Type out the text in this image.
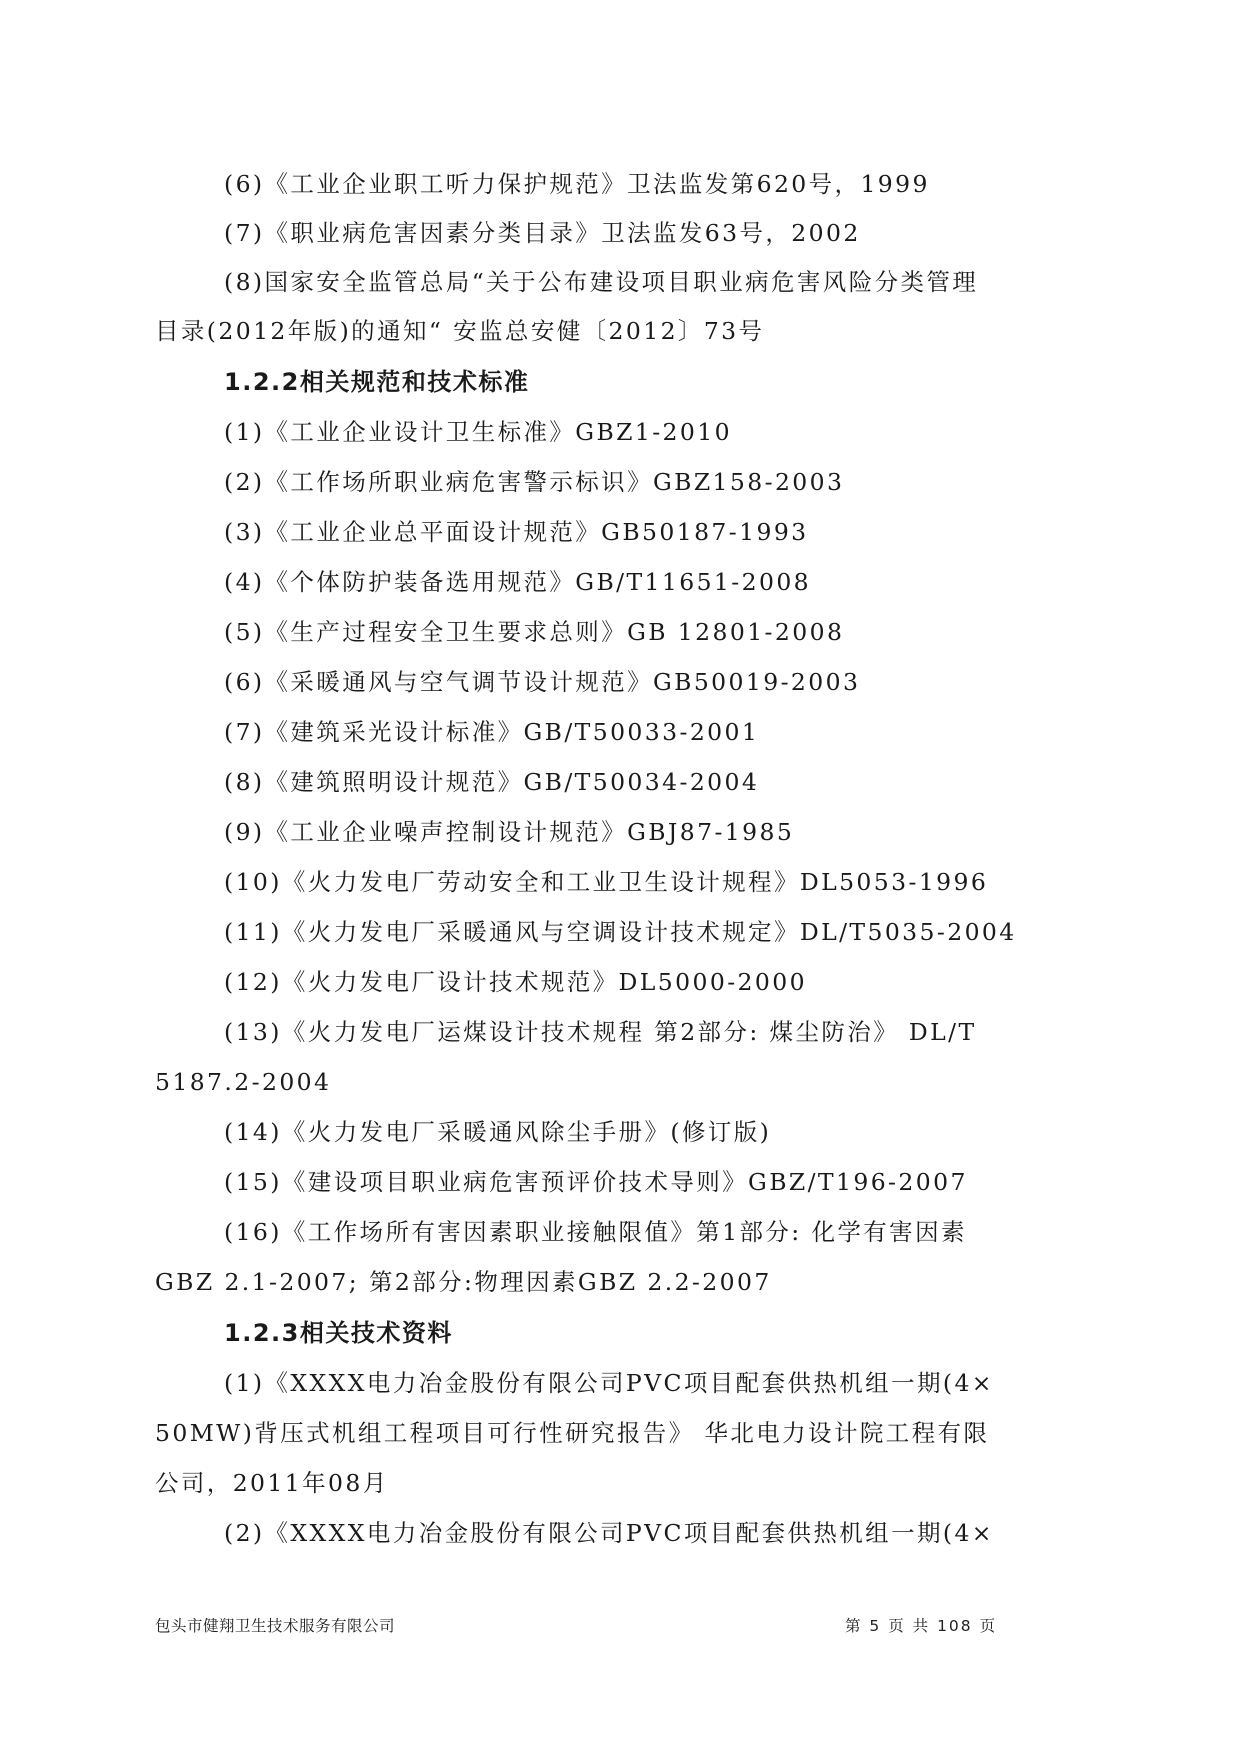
(6)《工业企业职工听力保护规范》卫法监发第620号，1999
(7)《职业病危害因素分类目录》卫法监发63号，2002
(8)国家安全监管总局“关于公布建设项目职业病危害风险分类管理
目录(2012年版)的通知“ 安监总安健〔2012〕73号
1.2.2相关规范和技术标准
(1)《工业企业设计卫生标准》GBZ1-2010
(2)《工作场所职业病危害警示标识》GBZ158-2003
(3)《工业企业总平面设计规范》GB50187-1993
(4)《个体防护装备选用规范》GB/T11651-2008
(5)《生产过程安全卫生要求总则》GB 12801-2008
(6)《采暖通风与空气调节设计规范》GB50019-2003
(7)《建筑采光设计标准》GB/T50033-2001
(8)《建筑照明设计规范》GB/T50034-2004
(9)《工业企业噪声控制设计规范》GBJ87-1985
(10)《火力发电厂劳动安全和工业卫生设计规程》DL5053-1996
(11)《火力发电厂采暖通风与空调设计技术规定》DL/T5035-2004
(12)《火力发电厂设计技术规范》DL5000-2000
(13)《火力发电厂运煤设计技术规程 第2部分: 煤尘防治》 DL/T
5187.2-2004
(14)《火力发电厂采暖通风除尘手册》(修订版)
(15)《建设项目职业病危害预评价技术导则》GBZ/T196-2007
(16)《工作场所有害因素职业接触限值》第1部分: 化学有害因素
GBZ 2.1-2007; 第2部分:物理因素GBZ 2.2-2007
1.2.3相关技术资料
(1)《XXXX电力冶金股份有限公司PVC项目配套供热机组一期(4×
50MW)背压式机组工程项目可行性研究报告》 华北电力设计院工程有限
公司，2011年08月
(2)《XXXX电力冶金股份有限公司PVC项目配套供热机组一期(4×
包头市健翔卫生技术服务有限公司	第 5 页 共 108 页
